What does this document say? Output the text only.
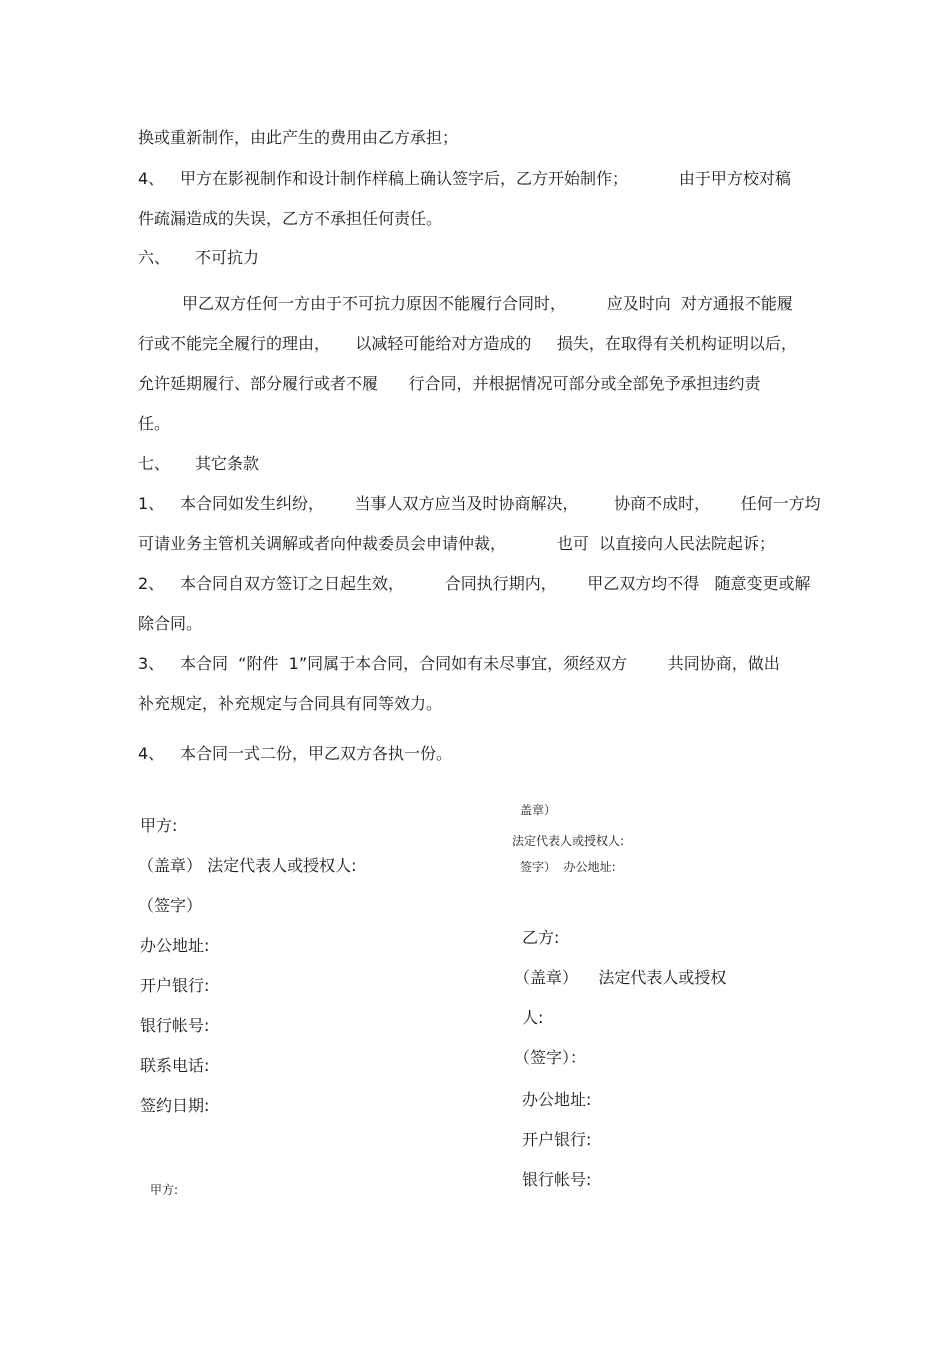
换或重新制作，由此产生的费用由乙方承担；
4、 甲方在影视制作和设计制作样稿上确认签字后，乙方开始制作；          由于甲方校对稿
件疏漏造成的失误，乙方不承担任何责任。
六、 不可抗力
甲乙双方任何一方由于不可抗力原因不能履行合同时，        应及时向  对方通报不能履
行或不能完全履行的理由，     以减轻可能给对方造成的     损失，在取得有关机构证明以后，
允许延期履行、部分履行或者不履      行合同，并根据情况可部分或全部免予承担违约责
任。
七、 其它条款
1、 本合同如发生纠纷，      当事人双方应当及时协商解决，       协商不成时，      任何一方均
可请业务主管机关调解或者向仲裁委员会申请仲裁，          也可  以直接向人民法院起诉；
2、 本合同自双方签订之日起生效，        合同执行期内，      甲乙双方均不得   随意变更或解
除合同。
3、 本合同  “附件  1”同属于本合同，合同如有未尽事宜，须经双方        共同协商，做出
补充规定，补充规定与合同具有同等效力。
4、 本合同一式二份，甲乙双方各执一份。
甲方:
（盖章） 法定代表人或授权人:
（签字）
办公地址:
开户银行:
银行帐号:
联系电话:
签约日期:
甲方:
盖章）
法定代表人或授权人:
签字）  办公地址:
乙方:
（盖章）    法定代表人或授权
人:
（签字）：
办公地址:
开户银行:
银行帐号:
